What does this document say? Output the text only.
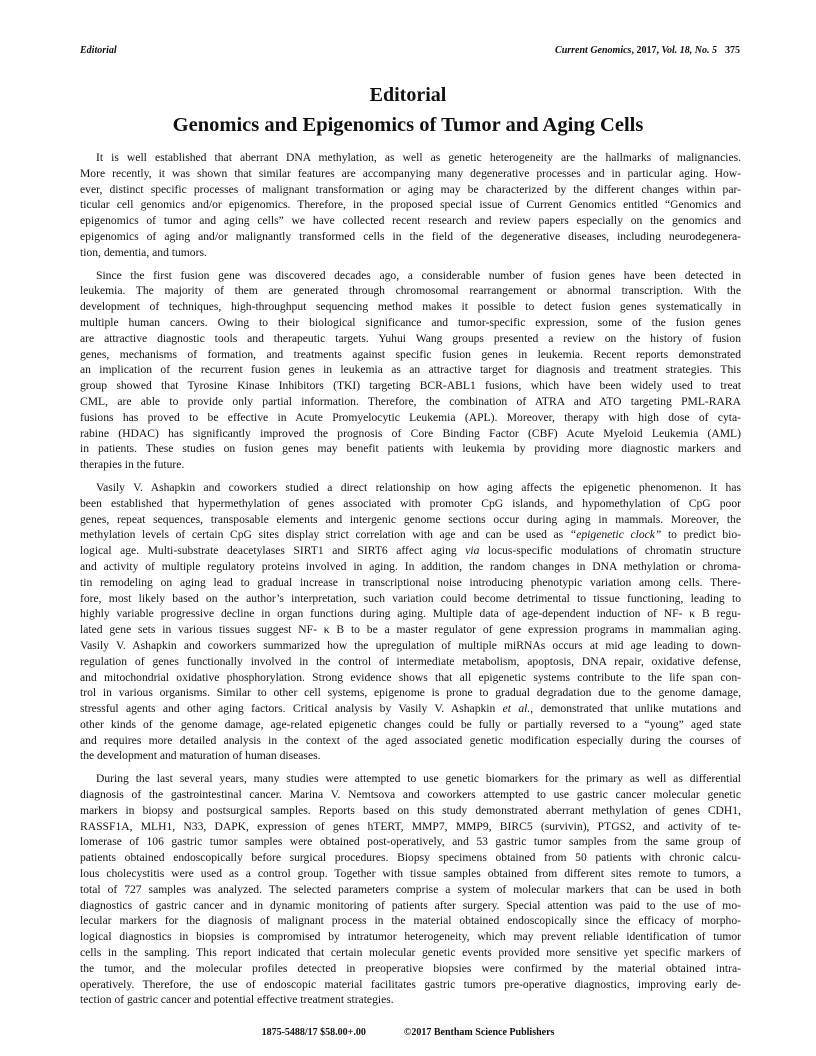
Editorial	Current Genomics, 2017, Vol. 18, No. 5 375
Editorial
Genomics and Epigenomics of Tumor and Aging Cells
It is well established that aberrant DNA methylation, as well as genetic heterogeneity are the hallmarks of malignancies.
More recently, it was shown that similar features are accompanying many degenerative processes and in particular aging. How-
ever, distinct specific processes of malignant transformation or aging may be characterized by the different changes within par-
ticular cell genomics and/or epigenomics. Therefore, in the proposed special issue of Current Genomics entitled “Genomics and
epigenomics of tumor and aging cells” we have collected recent research and review papers especially on the genomics and
epigenomics of aging and/or malignantly transformed cells in the field of the degenerative diseases, including neurodegenera-
tion, dementia, and tumors.
Since the first fusion gene was discovered decades ago, a considerable number of fusion genes have been detected in
leukemia. The majority of them are generated through chromosomal rearrangement or abnormal transcription. With the
development of techniques, high-throughput sequencing method makes it possible to detect fusion genes systematically in
multiple human cancers. Owing to their biological significance and tumor-specific expression, some of the fusion genes
are attractive diagnostic tools and therapeutic targets. Yuhui Wang groups presented a review on the history of fusion
genes, mechanisms of formation, and treatments against specific fusion genes in leukemia. Recent reports demonstrated
an implication of the recurrent fusion genes in leukemia as an attractive target for diagnosis and treatment strategies. This
group showed that Tyrosine Kinase Inhibitors (TKI) targeting BCR-ABL1 fusions, which have been widely used to treat
CML, are able to provide only partial information. Therefore, the combination of ATRA and ATO targeting PML-RARA
fusions has proved to be effective in Acute Promyelocytic Leukemia (APL). Moreover, therapy with high dose of cyta-
rabine (HDAC) has significantly improved the prognosis of Core Binding Factor (CBF) Acute Myeloid Leukemia (AML)
in patients. These studies on fusion genes may benefit patients with leukemia by providing more diagnostic markers and
therapies in the future.
Vasily V. Ashapkin and coworkers studied a direct relationship on how aging affects the epigenetic phenomenon. It has
been established that hypermethylation of genes associated with promoter CpG islands, and hypomethylation of CpG poor
genes, repeat sequences, transposable elements and intergenic genome sections occur during aging in mammals. Moreover, the
methylation levels of certain CpG sites display strict correlation with age and can be used as “epigenetic clock” to predict bio-
logical age. Multi-substrate deacetylases SIRT1 and SIRT6 affect aging via locus-specific modulations of chromatin structure
and activity of multiple regulatory proteins involved in aging. In addition, the random changes in DNA methylation or chroma-
tin remodeling on aging lead to gradual increase in transcriptional noise introducing phenotypic variation among cells. There-
fore, most likely based on the author’s interpretation, such variation could become detrimental to tissue functioning, leading to
highly variable progressive decline in organ functions during aging. Multiple data of age-dependent induction of NF- κ B regu-
lated gene sets in various tissues suggest NF- κ B to be a master regulator of gene expression programs in mammalian aging.
Vasily V. Ashapkin and coworkers summarized how the upregulation of multiple miRNAs occurs at mid age leading to down-
regulation of genes functionally involved in the control of intermediate metabolism, apoptosis, DNA repair, oxidative defense,
and mitochondrial oxidative phosphorylation. Strong evidence shows that all epigenetic systems contribute to the life span con-
trol in various organisms. Similar to other cell systems, epigenome is prone to gradual degradation due to the genome damage,
stressful agents and other aging factors. Critical analysis by Vasily V. Ashapkin et al., demonstrated that unlike mutations and
other kinds of the genome damage, age-related epigenetic changes could be fully or partially reversed to a “young” aged state
and requires more detailed analysis in the context of the aged associated genetic modification especially during the courses of
the development and maturation of human diseases.
During the last several years, many studies were attempted to use genetic biomarkers for the primary as well as differential
diagnosis of the gastrointestinal cancer. Marina V. Nemtsova and coworkers attempted to use gastric cancer molecular genetic
markers in biopsy and postsurgical samples. Reports based on this study demonstrated aberrant methylation of genes CDH1,
RASSF1A, MLH1, N33, DAPK, expression of genes hTERT, MMP7, MMP9, BIRC5 (survivin), PTGS2, and activity of te-
lomerase of 106 gastric tumor samples were obtained post-operatively, and 53 gastric tumor samples from the same group of
patients obtained endoscopically before surgical procedures. Biopsy specimens obtained from 50 patients with chronic calcu-
lous cholecystitis were used as a control group. Together with tissue samples obtained from different sites remote to tumors, a
total of 727 samples was analyzed. The selected parameters comprise a system of molecular markers that can be used in both
diagnostics of gastric cancer and in dynamic monitoring of patients after surgery. Special attention was paid to the use of mo-
lecular markers for the diagnosis of malignant process in the material obtained endoscopically since the efficacy of morpho-
logical diagnostics in biopsies is compromised by intratumor heterogeneity, which may prevent reliable identification of tumor
cells in the sampling. This report indicated that certain molecular genetic events provided more sensitive yet specific markers of
the tumor, and the molecular profiles detected in preoperative biopsies were confirmed by the material obtained intra-
operatively. Therefore, the use of endoscopic material facilitates gastric tumors pre-operative diagnostics, improving early de-
tection of gastric cancer and potential effective treatment strategies.
1875-5488/17 $58.00+.00	©2017 Bentham Science Publishers
